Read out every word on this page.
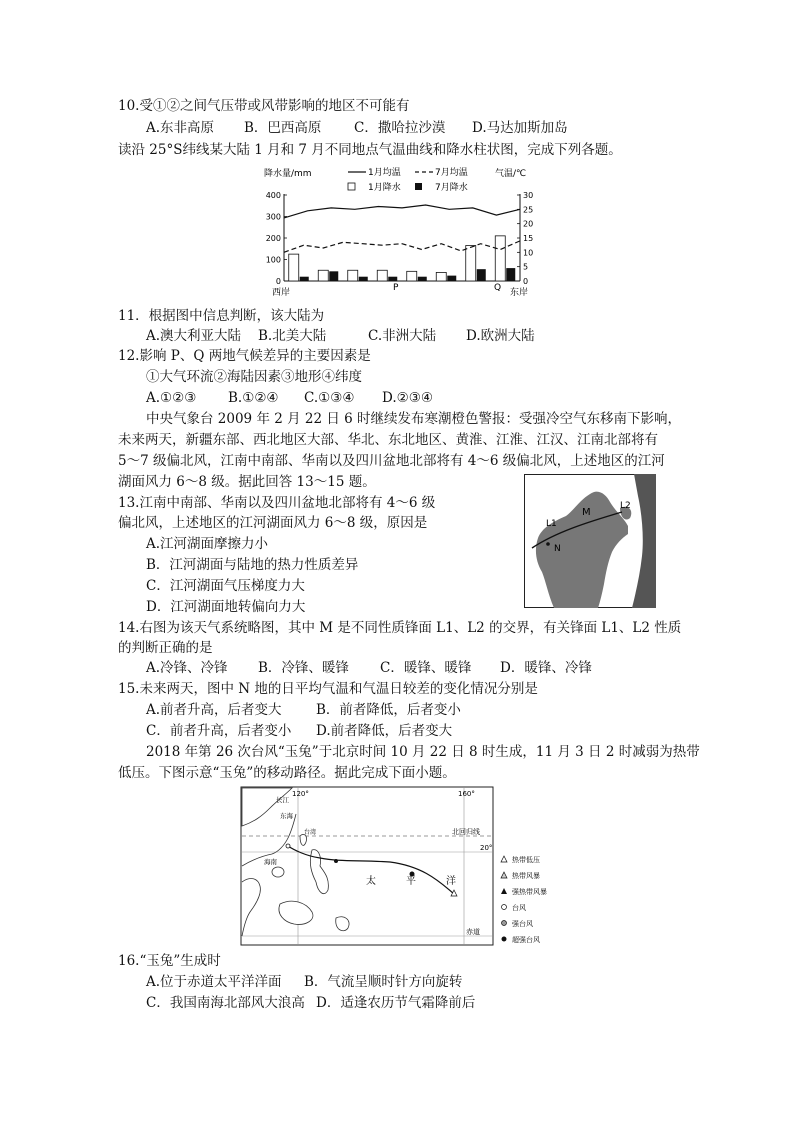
10.受①②之间气压带或风带影响的地区不可能有
A.东非高原 B．巴西高原 C．撒哈拉沙漠 D.马达加斯加岛
读沿 25°S纬线某大陆 1 月和 7 月不同地点气温曲线和降水柱状图，完成下列各题。
降水量/mm	气温/℃
1月均温	7月均温
1月降水	7月降水
0
100
200
300
400
0
5
10
15
20
25
30
西岸	P	Q 东岸
11．根据图中信息判断，该大陆为
A.澳大利亚大陆 B.北美大陆	C.非洲大陆 D.欧洲大陆
12.影响 P、Q 两地气候差异的主要因素是
①大气环流②海陆因素③地形④纬度
A.①②③ B.①②④ C.①③④ D.②③④
中央气象台 2009 年 2 月 22 日 6 时继续发布寒潮橙色警报：受强冷空气东移南下影响，
未来两天，新疆东部、西北地区大部、华北、东北地区、黄淮、江淮、江汉、江南北部将有
5～7 级偏北风，江南中南部、华南以及四川盆地北部将有 4～6 级偏北风，上述地区的江河
湖面风力 6～8 级。据此回答 13～15 题。
13.江南中南部、华南以及四川盆地北部将有 4～6 级
偏北风，上述地区的江河湖面风力 6～8 级，原因是
A.江河湖面摩擦力小
B．江河湖面与陆地的热力性质差异
C．江河湖面气压梯度力大
D．江河湖面地转偏向力大
L1
M
L2
N
14.右图为该天气系统略图，其中 M 是不同性质锋面 L1、L2 的交界，有关锋面 L1、L2 性质
的判断正确的是
A.冷锋、冷锋 B．冷锋、暖锋 C．暖锋、暖锋 D．暖锋、冷锋
15.未来两天，图中 N 地的日平均气温和气温日较差的变化情况分别是
A.前者升高，后者变大	B．前者降低，后者变小
C．前者升高，后者变小 D.前者降低，后者变大
2018 年第 26 次台风“玉兔”于北京时间 10 月 22 日 8 时生成，11 月 3 日 2 时减弱为热带
低压。下图示意“玉兔”的移动路径。据此完成下面小题。
120°	160°
20°
北回归线
赤道
长江
东海
台湾
海南
太	平	洋
热带低压
热带风暴
强热带风暴
台风
强台风
超强台风
16.“玉兔”生成时
A.位于赤道太平洋洋面 B．气流呈顺时针方向旋转
C．我国南海北部风大浪高 D．适逢农历节气霜降前后
